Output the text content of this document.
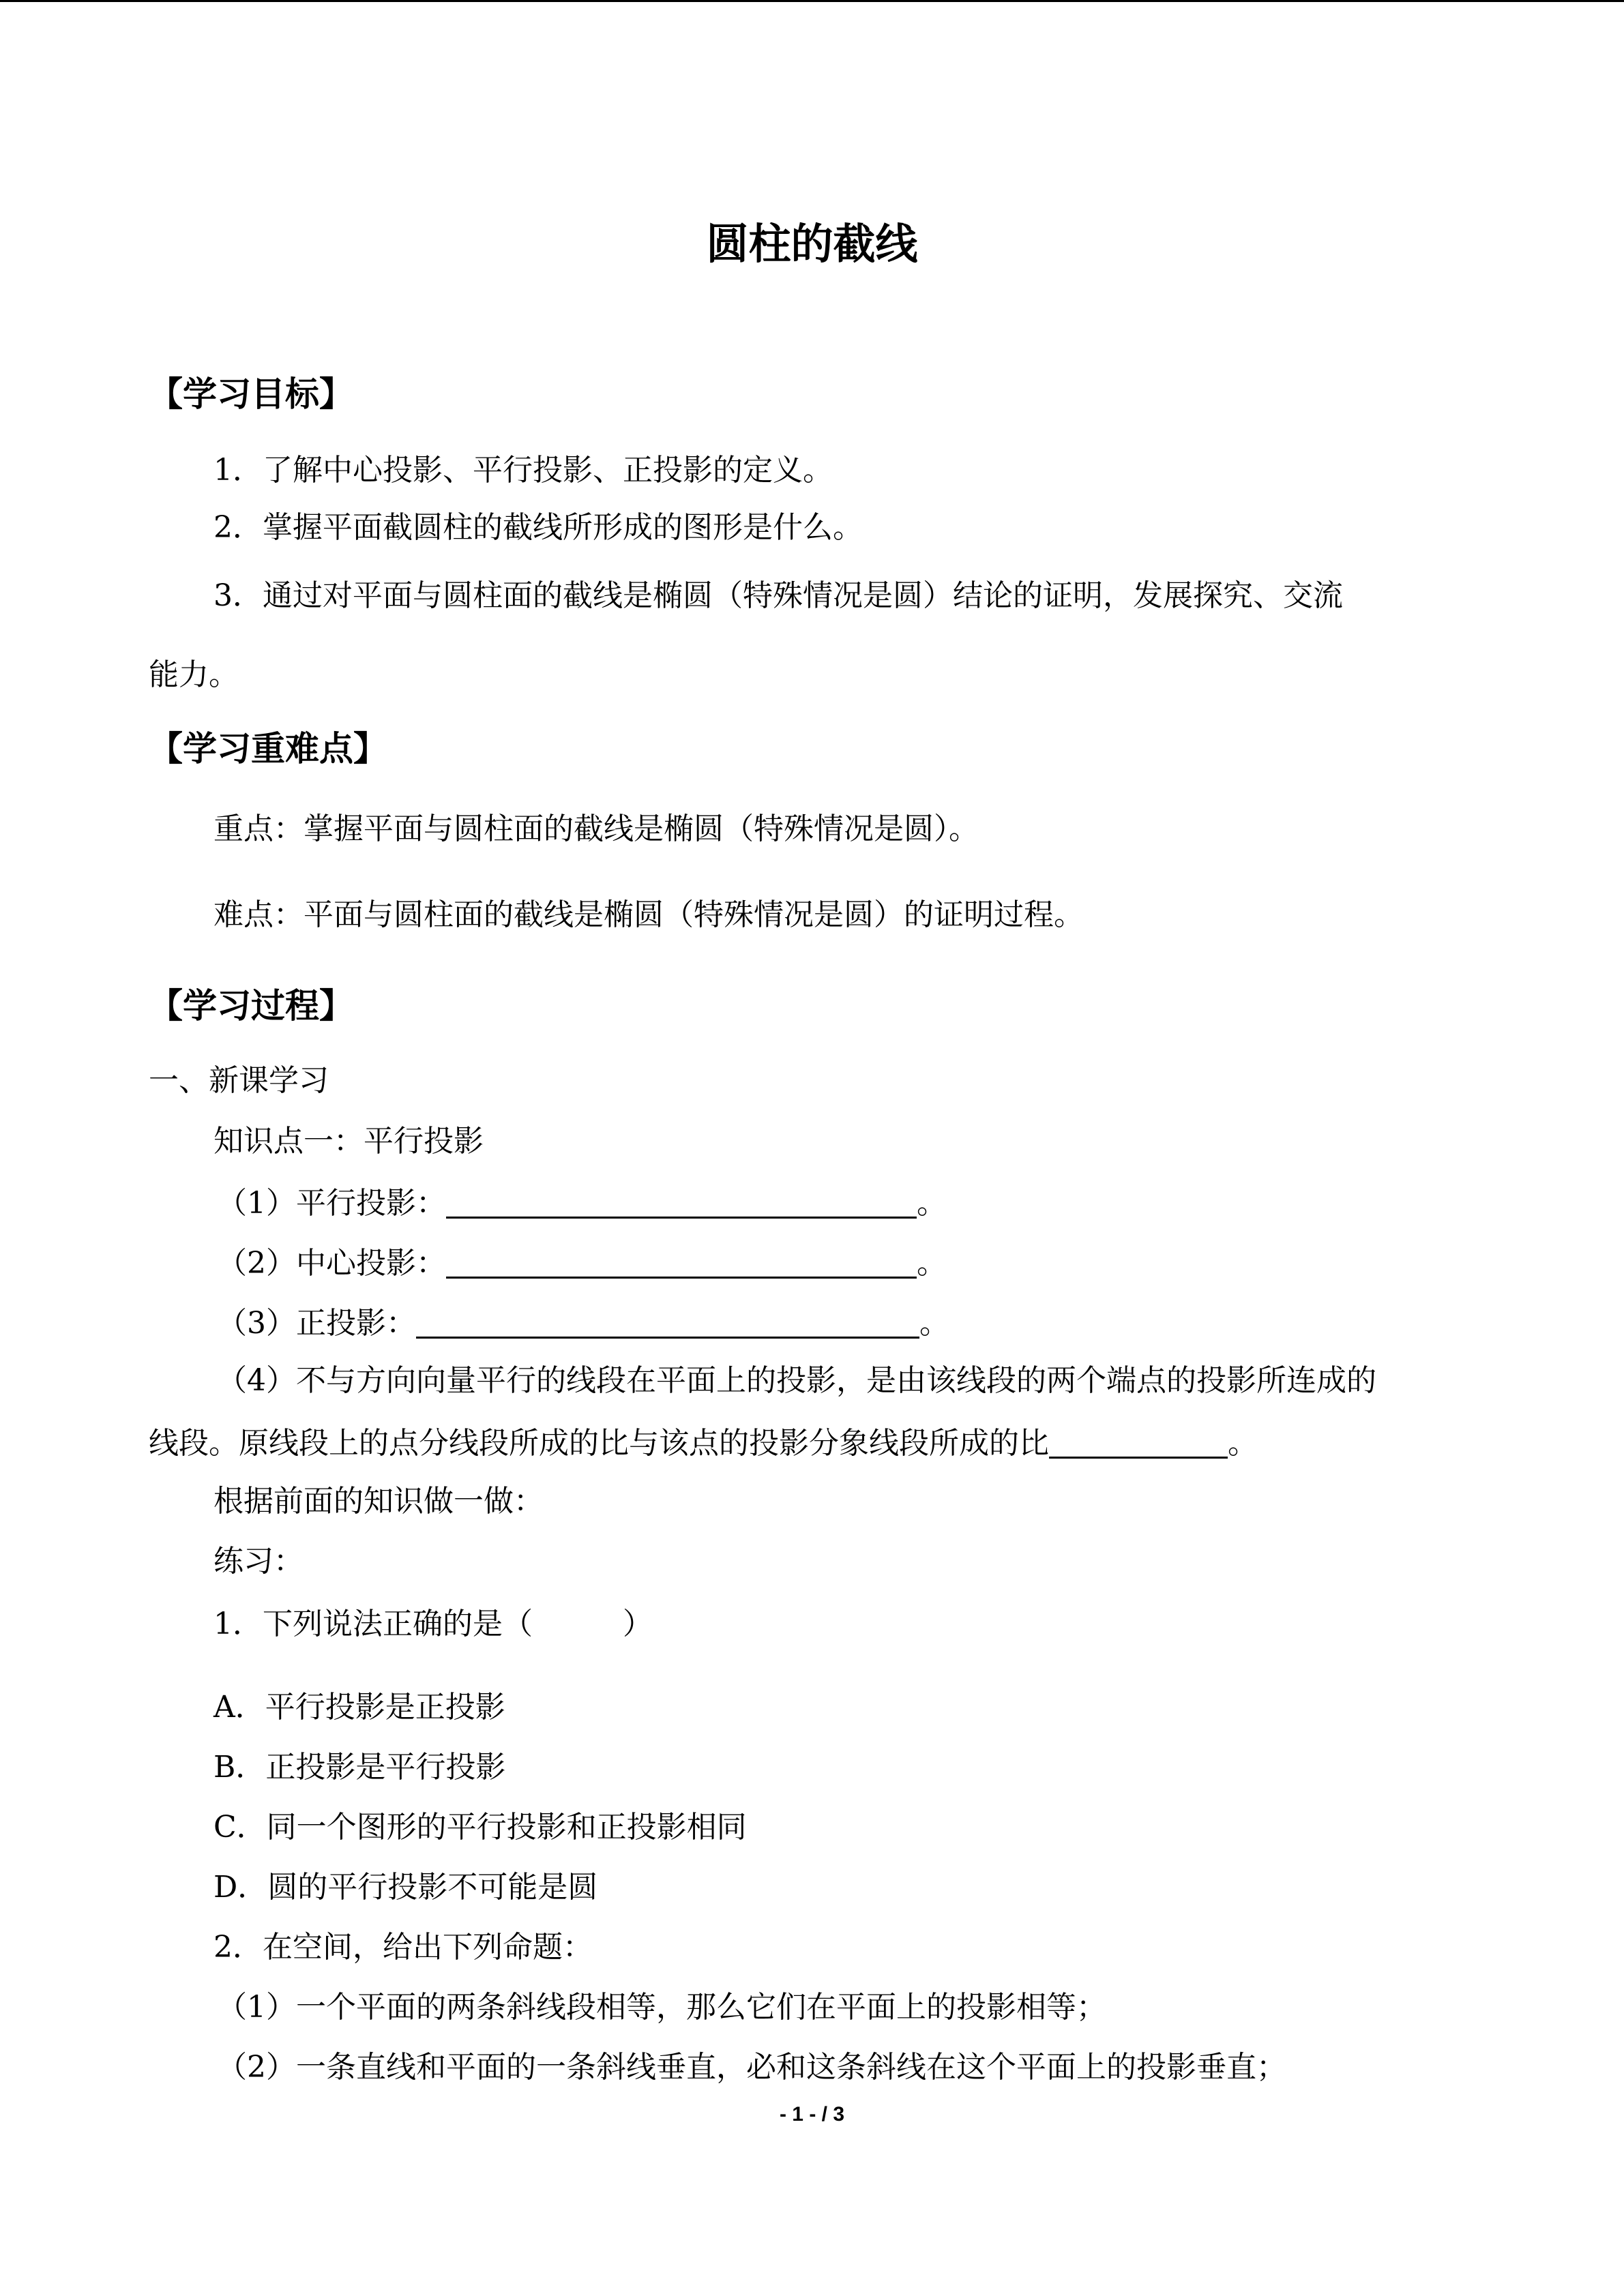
圆柱的截线
【学习目标】
1．了解中心投影、平行投影、正投影的定义。
2．掌握平面截圆柱的截线所形成的图形是什么。
3．通过对平面与圆柱面的截线是椭圆（特殊情况是圆）结论的证明，发展探究、交流
能力。
【学习重难点】
重点：掌握平面与圆柱面的截线是椭圆（特殊情况是圆）。
难点：平面与圆柱面的截线是椭圆（特殊情况是圆）的证明过程。
【学习过程】
一、新课学习
知识点一：平行投影
（1）平行投影：	。
（2）中心投影：	。
（3）正投影：	。
（4）不与方向向量平行的线段在平面上的投影，是由该线段的两个端点的投影所连成的
线段。原线段上的点分线段所成的比与该点的投影分象线段所成的比	。
根据前面的知识做一做：
练习：
1．下列说法正确的是（　　　）
A．平行投影是正投影
B．正投影是平行投影
C．同一个图形的平行投影和正投影相同
D．圆的平行投影不可能是圆
2．在空间，给出下列命题：
（1）一个平面的两条斜线段相等，那么它们在平面上的投影相等；
（2）一条直线和平面的一条斜线垂直，必和这条斜线在这个平面上的投影垂直；
- 1 - / 3
